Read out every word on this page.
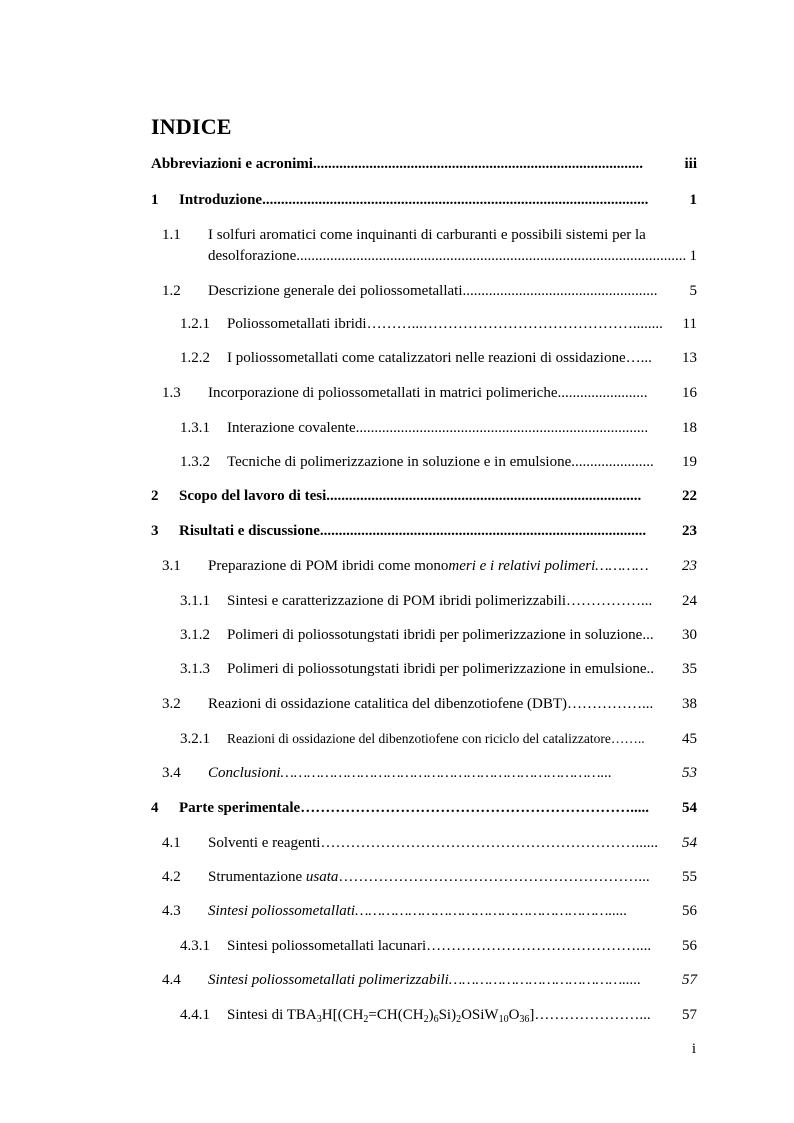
INDICE
Abbreviazioni e acronimi........................................................................................	iii
1 Introduzione.......................................................................................................	1
1.1 I solfuri aromatici come inquinanti di carburanti e possibili sistemi per la
desolforazione........................................................................................................ 1
1.2 Descrizione generale dei poliossometallati.................................................... 5
1.2.1 Poliossometallati ibridi………...……………………………………........ 11
1.2.2 I poliossometallati come catalizzatori nelle reazioni di ossidazione…... 13
1.3 Incorporazione di poliossometallati in matrici polimeriche........................ 16
1.3.1 Interazione covalente.............................................................................. 18
1.3.2 Tecniche di polimerizzazione in soluzione e in emulsione...................... 19
2 Scopo del lavoro di tesi....................................................................................	22
3 Risultati e discussione....................................................................................... 23
3.1 Preparazione di POM ibridi come monomeri e i relativi polimeri………… 23
3.1.1 Sintesi e caratterizzazione di POM ibridi polimerizzabili……………... 24
3.1.2 Polimeri di poliossotungstati ibridi per polimerizzazione in soluzione... 30
3.1.3 Polimeri di poliossotungstati ibridi per polimerizzazione in emulsione.. 35
3.2 Reazioni di ossidazione catalitica del dibenzotiofene (DBT)……………... 38
3.2.1 Reazioni di ossidazione del dibenzotiofene con riciclo del catalizzatore…….. 45
3.4 Conclusioni………………………………………………………………...	53
4 Parte sperimentale…………………………………………………………..... 54
4.1 Solventi e reagenti………………………………………………………...... 54
4.2 Strumentazione usata……………………………………………………... 55
4.3 Sintesi poliossometallati………………………………………………….....	56
4.3.1 Sintesi poliossometallati lacunari…………………………………….... 56
4.4 Sintesi poliossometallati polimerizzabili………………………………….....	57
4.4.1 Sintesi di $TBA_3H[(CH_2=CH(CH_2)_6Si)_2OSiW_{10}O_{36}]\dots\dots\dots\dots\dots\dots\dots$... 57
i
